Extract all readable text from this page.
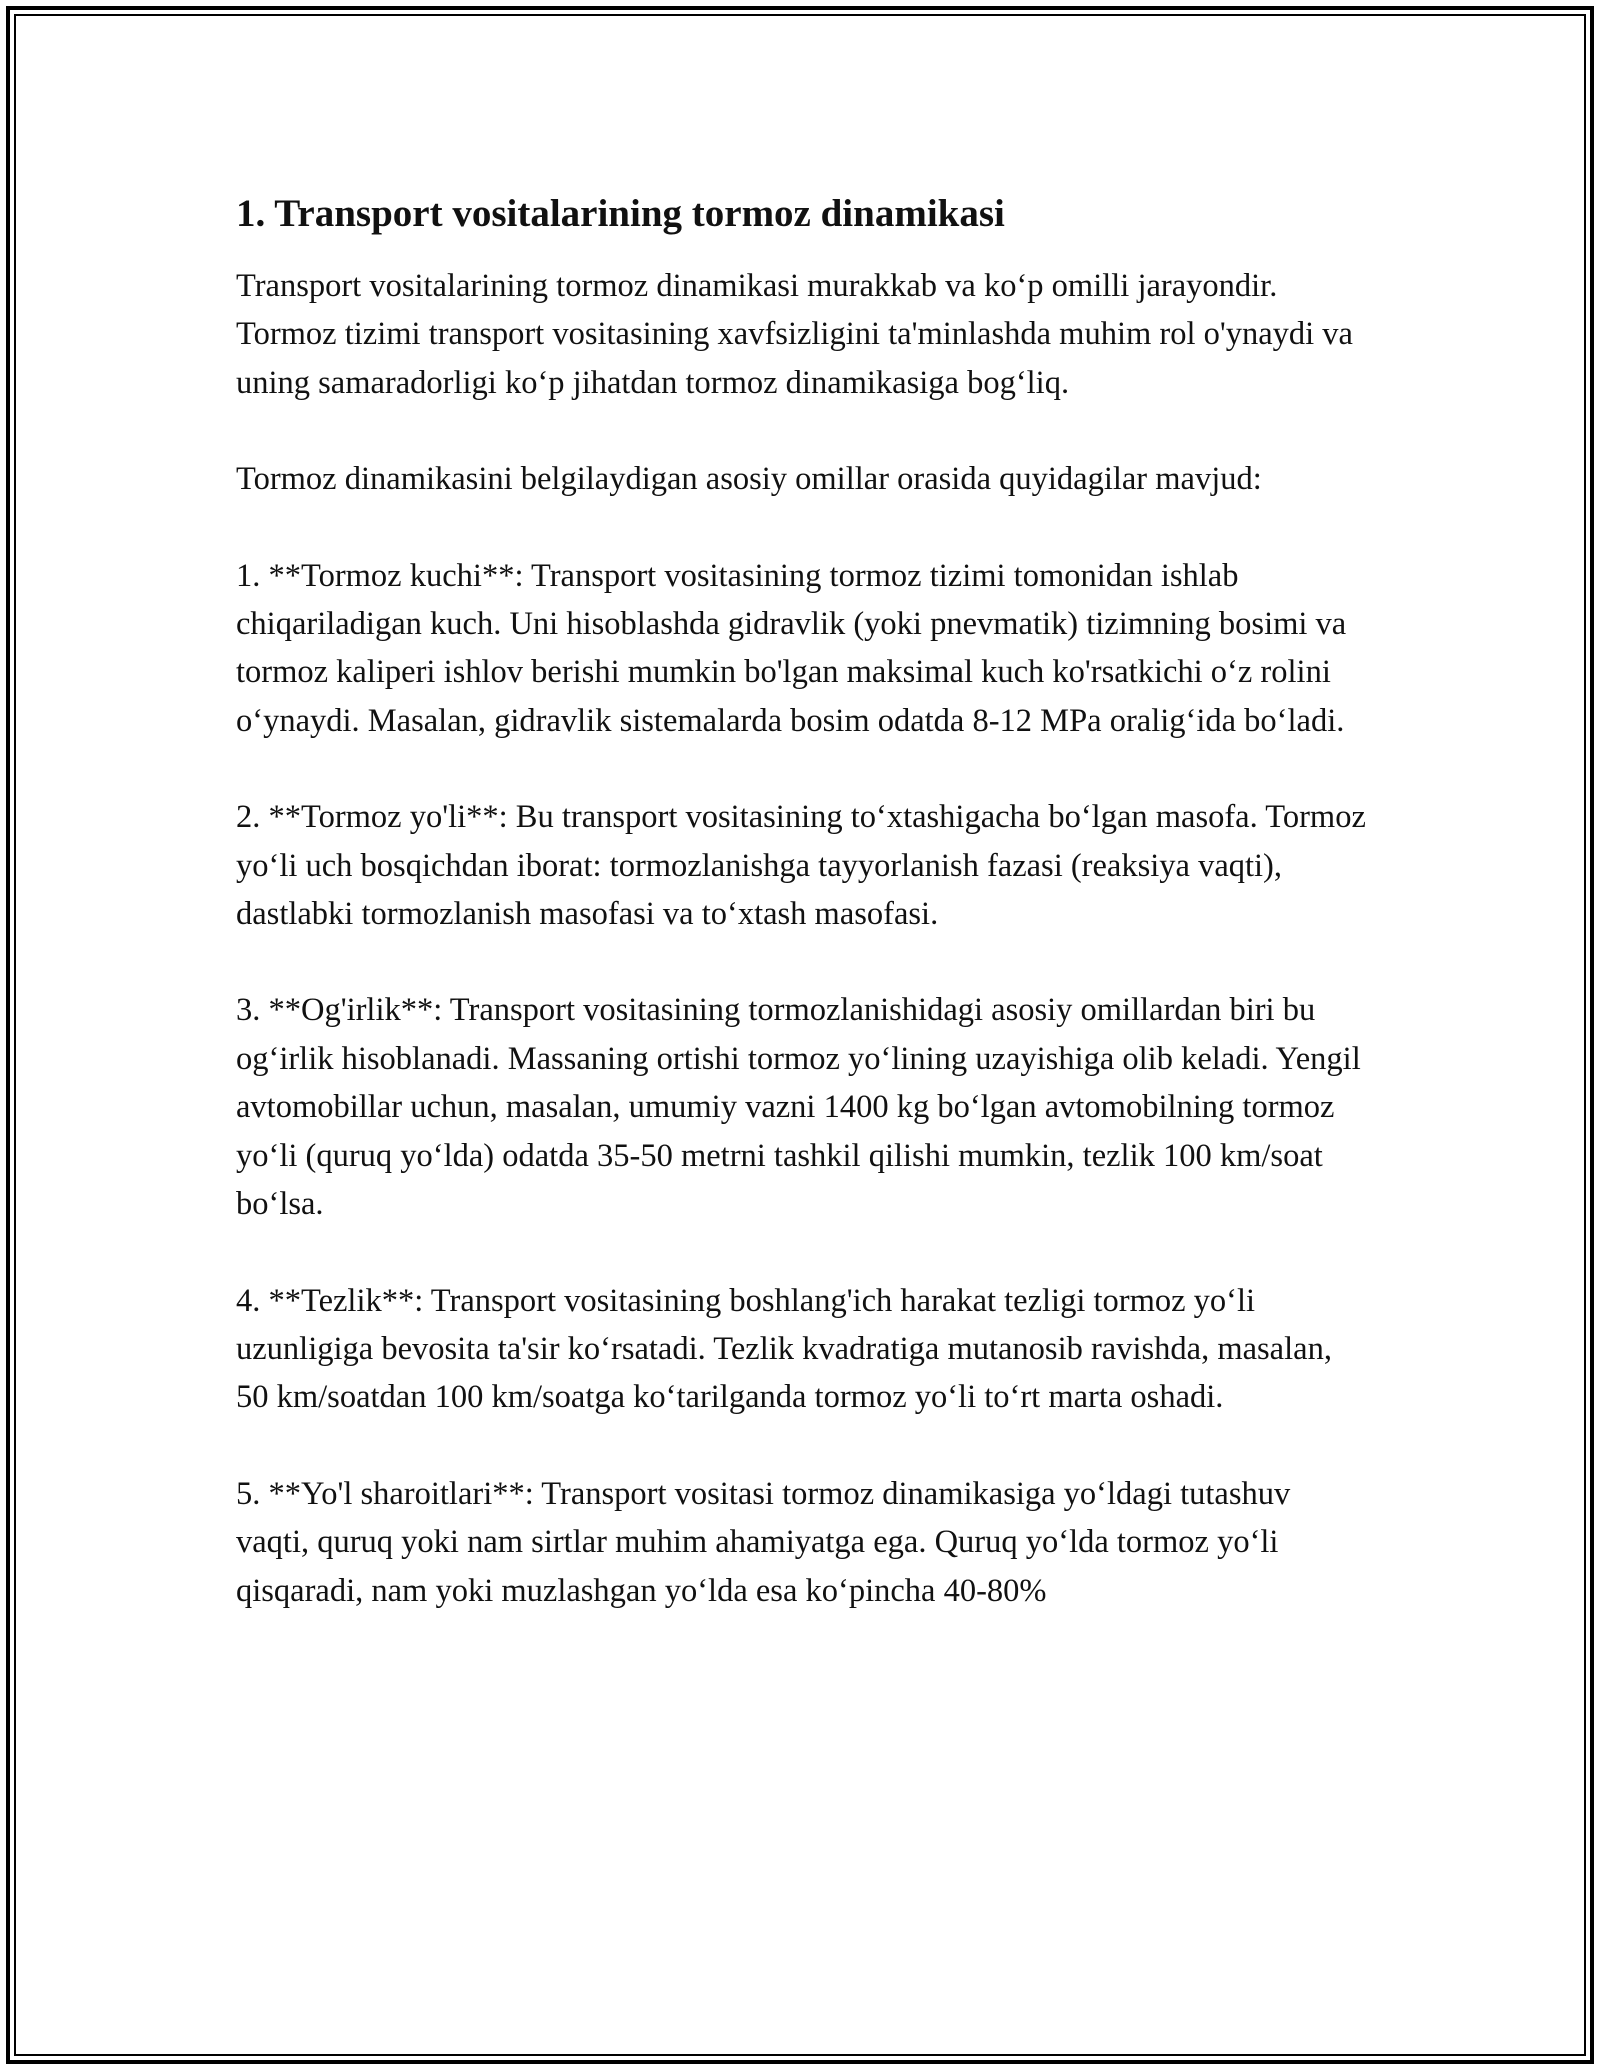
1. Transport vositalarining tormoz dinamikasi

Transport vositalarining tormoz dinamikasi murakkab va ko‘p omilli jarayondir. Tormoz tizimi transport vositasining xavfsizligini ta'minlashda muhim rol o'ynaydi va uning samaradorligi ko‘p jihatdan tormoz dinamikasiga bog‘liq.

Tormoz dinamikasini belgilaydigan asosiy omillar orasida quyidagilar mavjud:

1. **Tormoz kuchi**: Transport vositasining tormoz tizimi tomonidan ishlab chiqariladigan kuch. Uni hisoblashda gidravlik (yoki pnevmatik) tizimning bosimi va tormoz kaliperi ishlov berishi mumkin bo'lgan maksimal kuch ko'rsatkichi o‘z rolini o‘ynaydi. Masalan, gidravlik sistemalarda bosim odatda 8-12 MPa oralig‘ida bo‘ladi.

2. **Tormoz yo'li**: Bu transport vositasining to‘xtashigacha bo‘lgan masofa. Tormoz yo‘li uch bosqichdan iborat: tormozlanishga tayyorlanish fazasi (reaksiya vaqti), dastlabki tormozlanish masofasi va to‘xtash masofasi.

3. **Og'irlik**: Transport vositasining tormozlanishidagi asosiy omillardan biri bu og‘irlik hisoblanadi. Massaning ortishi tormoz yo‘lining uzayishiga olib keladi. Yengil avtomobillar uchun, masalan, umumiy vazni 1400 kg bo‘lgan avtomobilning tormoz yo‘li (quruq yo‘lda) odatda 35-50 metrni tashkil qilishi mumkin, tezlik 100 km/soat bo‘lsa.

4. **Tezlik**: Transport vositasining boshlang'ich harakat tezligi tormoz yo‘li uzunligiga bevosita ta'sir ko‘rsatadi. Tezlik kvadratiga mutanosib ravishda, masalan, 50 km/soatdan 100 km/soatga ko‘tarilganda tormoz yo‘li to‘rt marta oshadi.

5. **Yo'l sharoitlari**: Transport vositasi tormoz dinamikasiga yo‘ldagi tutashuv vaqti, quruq yoki nam sirtlar muhim ahamiyatga ega. Quruq yo‘lda tormoz yo‘li qisqaradi, nam yoki muzlashgan yo‘lda esa ko‘pincha 40-80%
